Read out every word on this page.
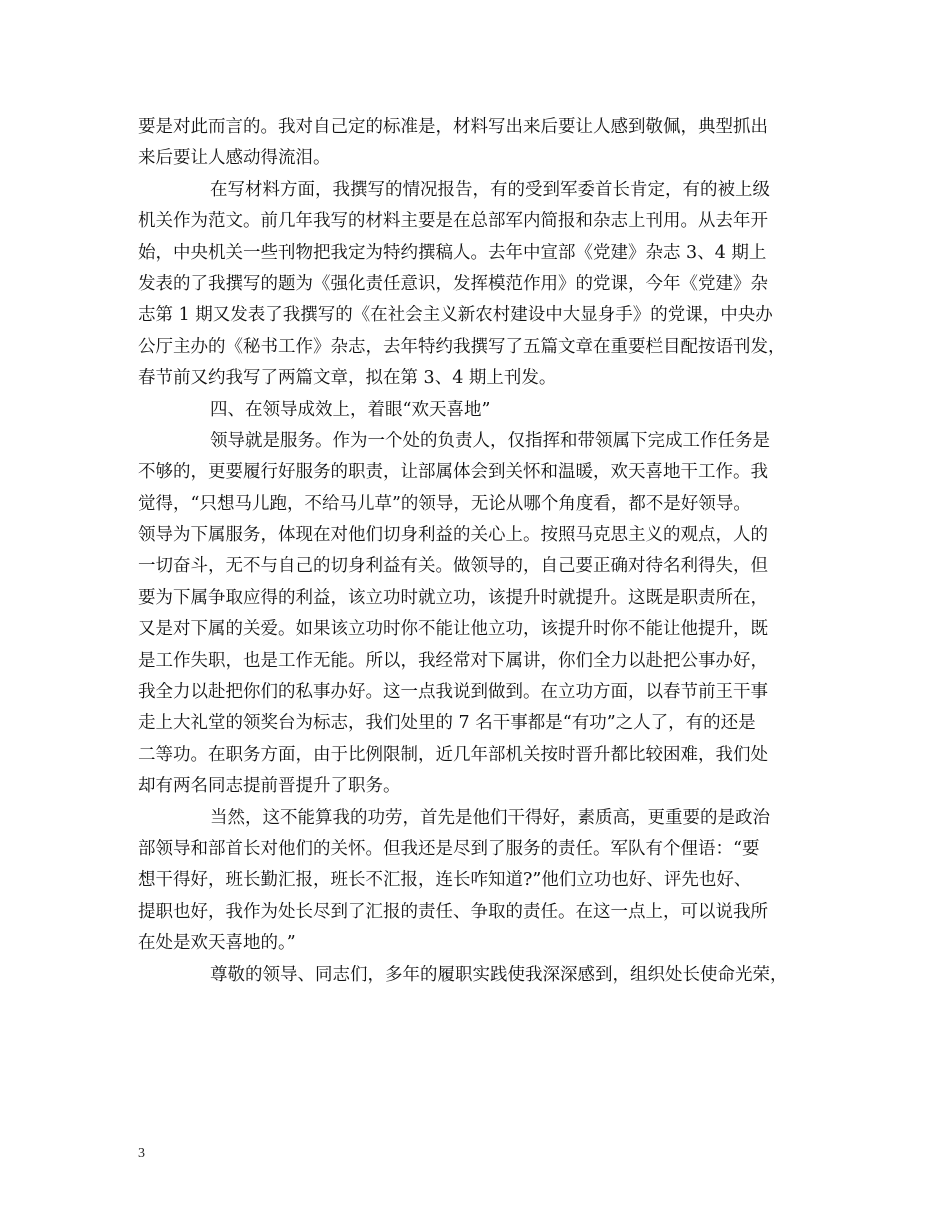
要是对此而言的。我对自己定的标准是，材料写出来后要让人感到敬佩，典型抓出
来后要让人感动得流泪。
在写材料方面，我撰写的情况报告，有的受到军委首长肯定，有的被上级
机关作为范文。前几年我写的材料主要是在总部军内简报和杂志上刊用。从去年开
始，中央机关一些刊物把我定为特约撰稿人。去年中宣部《党建》杂志 3、4 期上
发表的了我撰写的题为《强化责任意识，发挥模范作用》的党课，今年《党建》杂
志第 1 期又发表了我撰写的《在社会主义新农村建设中大显身手》的党课，中央办
公厅主办的《秘书工作》杂志，去年特约我撰写了五篇文章在重要栏目配按语刊发，
春节前又约我写了两篇文章，拟在第 3、4 期上刊发。
四、在领导成效上，着眼“欢天喜地”
领导就是服务。作为一个处的负责人，仅指挥和带领属下完成工作任务是
不够的，更要履行好服务的职责，让部属体会到关怀和温暖，欢天喜地干工作。我
觉得，“只想马儿跑，不给马儿草”的领导，无论从哪个角度看，都不是好领导。
领导为下属服务，体现在对他们切身利益的关心上。按照马克思主义的观点，人的
一切奋斗，无不与自己的切身利益有关。做领导的，自己要正确对待名利得失，但
要为下属争取应得的利益，该立功时就立功，该提升时就提升。这既是职责所在，
又是对下属的关爱。如果该立功时你不能让他立功，该提升时你不能让他提升，既
是工作失职，也是工作无能。所以，我经常对下属讲，你们全力以赴把公事办好，
我全力以赴把你们的私事办好。这一点我说到做到。在立功方面，以春节前王干事
走上大礼堂的领奖台为标志，我们处里的 7 名干事都是“有功”之人了，有的还是
二等功。在职务方面，由于比例限制，近几年部机关按时晋升都比较困难，我们处
却有两名同志提前晋提升了职务。
当然，这不能算我的功劳，首先是他们干得好，素质高，更重要的是政治
部领导和部首长对他们的关怀。但我还是尽到了服务的责任。军队有个俚语：“要
想干得好，班长勤汇报，班长不汇报，连长咋知道?”他们立功也好、评先也好、
提职也好，我作为处长尽到了汇报的责任、争取的责任。在这一点上，可以说我所
在处是欢天喜地的。”
尊敬的领导、同志们，多年的履职实践使我深深感到，组织处长使命光荣，
3
